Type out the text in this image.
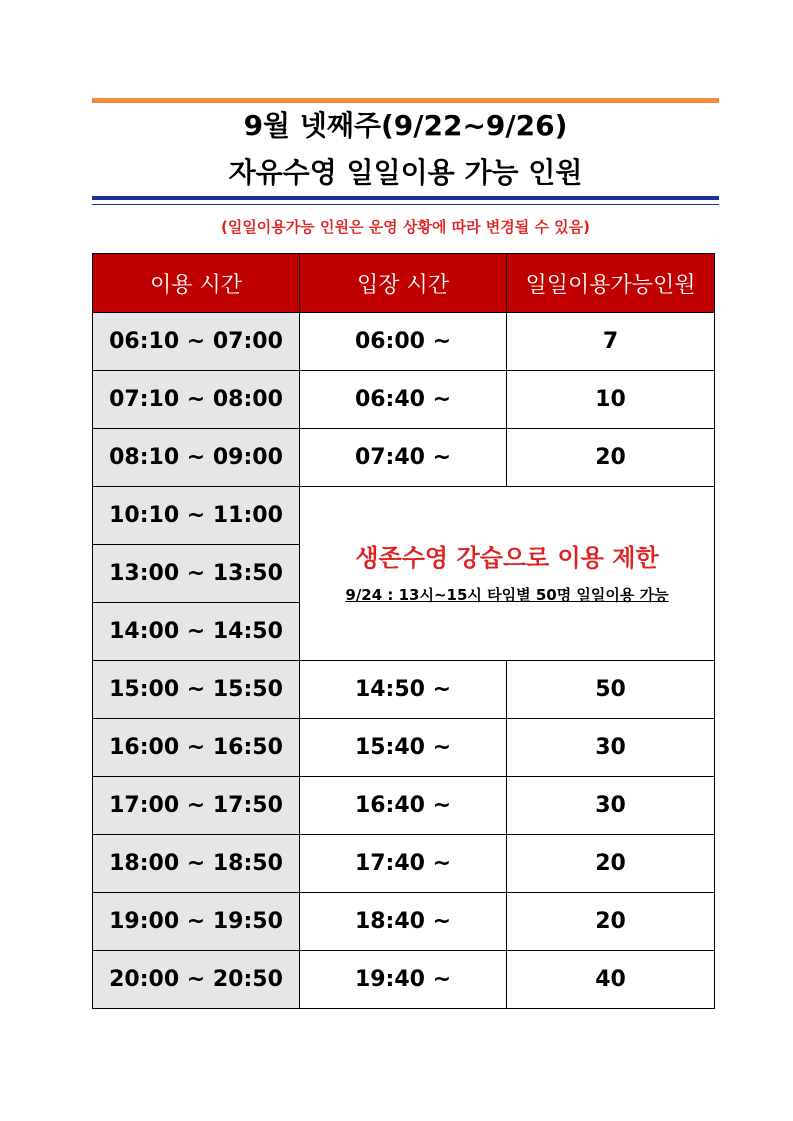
9월 넷째주(9/22~9/26)
자유수영 일일이용 가능 인원
(일일이용가능 인원은 운영 상황에 따라 변경될 수 있음)
이용 시간	입장 시간	일일이용가능인원
06:10 ~ 07:00	06:00 ~	7
07:10 ~ 08:00	06:40 ~	10
08:10 ~ 09:00	07:40 ~	20
10:10 ~ 11:00	생존수영 강습으로 이용 제한
9/24 : 13시~15시 타임별 50명 일일이용 가능	

13:00 ~ 13:50		
14:00 ~ 14:50		
15:00 ~ 15:50	14:50 ~	50
16:00 ~ 16:50	15:40 ~	30
17:00 ~ 17:50	16:40 ~	30
18:00 ~ 18:50	17:40 ~	20
19:00 ~ 19:50	18:40 ~	20
20:00 ~ 20:50	19:40 ~	40
